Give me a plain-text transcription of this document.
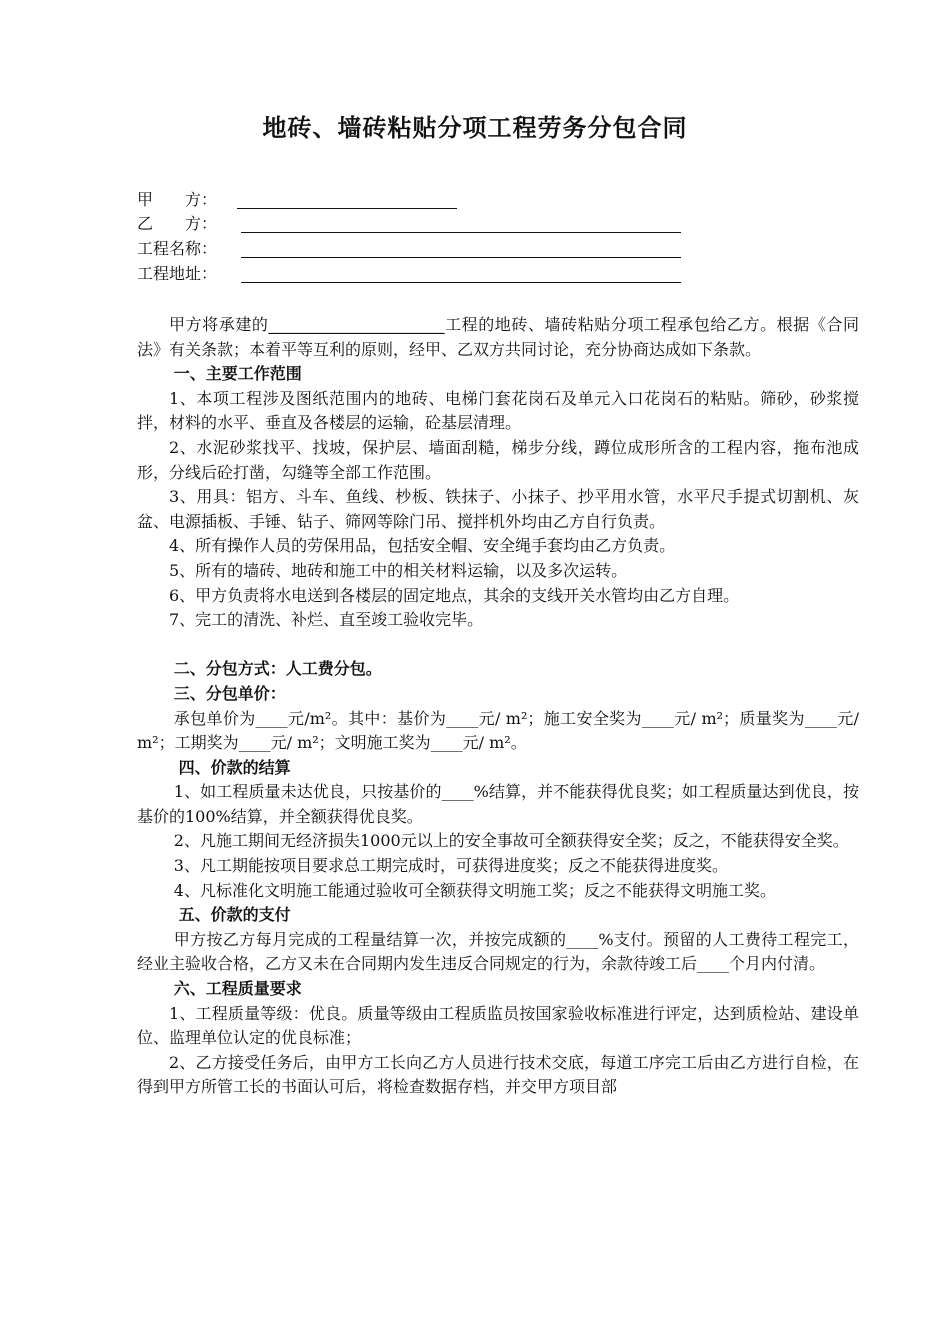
地砖、墙砖粘贴分项工程劳务分包合同
甲　　方：
乙　　方：
工程名称：
工程地址：

甲方将承建的______________________工程的地砖、墙砖粘贴分项工程承包给乙方。根据《合同法》有关条款；本着平等互利的原则，经甲、乙双方共同讨论，充分协商达成如下条款。

一、主要工作范围

1、本项工程涉及图纸范围内的地砖、电梯门套花岗石及单元入口花岗石的粘贴。筛砂，砂浆搅拌，材料的水平、垂直及各楼层的运输，砼基层清理。

2、水泥砂浆找平、找坡，保护层、墙面刮糙，梯步分线，蹲位成形所含的工程内容，拖布池成形，分线后砼打凿，勾缝等全部工作范围。

3、用具：铝方、斗车、鱼线、杪板、铁抹子、小抹子、抄平用水管，水平尺手提式切割机、灰盆、电源插板、手锤、钻子、筛网等除门吊、搅拌机外均由乙方自行负责。

4、所有操作人员的劳保用品，包括安全帽、安全绳手套均由乙方负责。

5、所有的墙砖、地砖和施工中的相关材料运输，以及多次运转。

6、甲方负责将水电送到各楼层的固定地点，其余的支线开关水管均由乙方自理。

7、完工的清洗、补烂、直至竣工验收完毕。

二、分包方式：人工费分包。

三、分包单价：

承包单价为____元/m²。其中：基价为____元/ m²；施工安全奖为____元/ m²；质量奖为____元/ m²；工期奖为____元/ m²；文明施工奖为____元/ m²。

四、价款的结算

1、如工程质量未达优良，只按基价的____%结算，并不能获得优良奖；如工程质量达到优良，按基价的100%结算，并全额获得优良奖。

2、凡施工期间无经济损失1000元以上的安全事故可全额获得安全奖；反之，不能获得安全奖。

3、凡工期能按项目要求总工期完成时，可获得进度奖；反之不能获得进度奖。

4、凡标准化文明施工能通过验收可全额获得文明施工奖；反之不能获得文明施工奖。

五、价款的支付

甲方按乙方每月完成的工程量结算一次，并按完成额的____%支付。预留的人工费待工程完工，经业主验收合格，乙方又未在合同期内发生违反合同规定的行为，余款待竣工后____个月内付清。

六、工程质量要求

1、工程质量等级：优良。质量等级由工程质监员按国家验收标准进行评定，达到质检站、建设单位、监理单位认定的优良标准；

2、乙方接受任务后，由甲方工长向乙方人员进行技术交底，每道工序完工后由乙方进行自检，在得到甲方所管工长的书面认可后，将检查数据存档，并交甲方项目部
